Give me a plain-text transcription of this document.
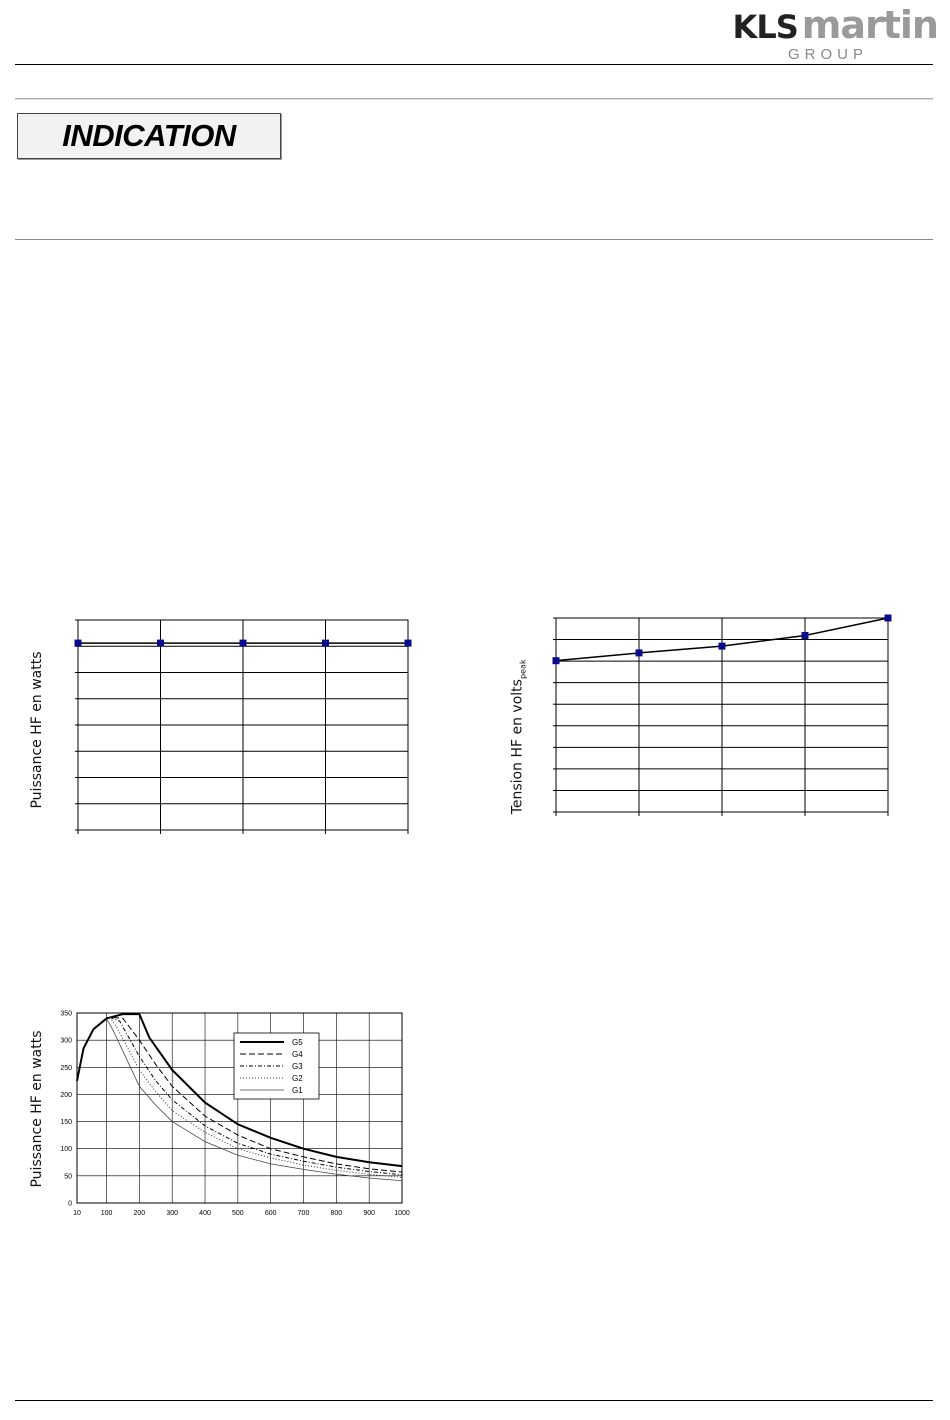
KLS martin
GROUP
INDICATION
Puissance HF en watts	Tension HF en volts$_{peak}$
Puissance HF en watts
10	100	200	300	400	500	600	700	800	900	1000
0
50
100
150
200
250
300
350
G5
G4
G3
G2
G1
